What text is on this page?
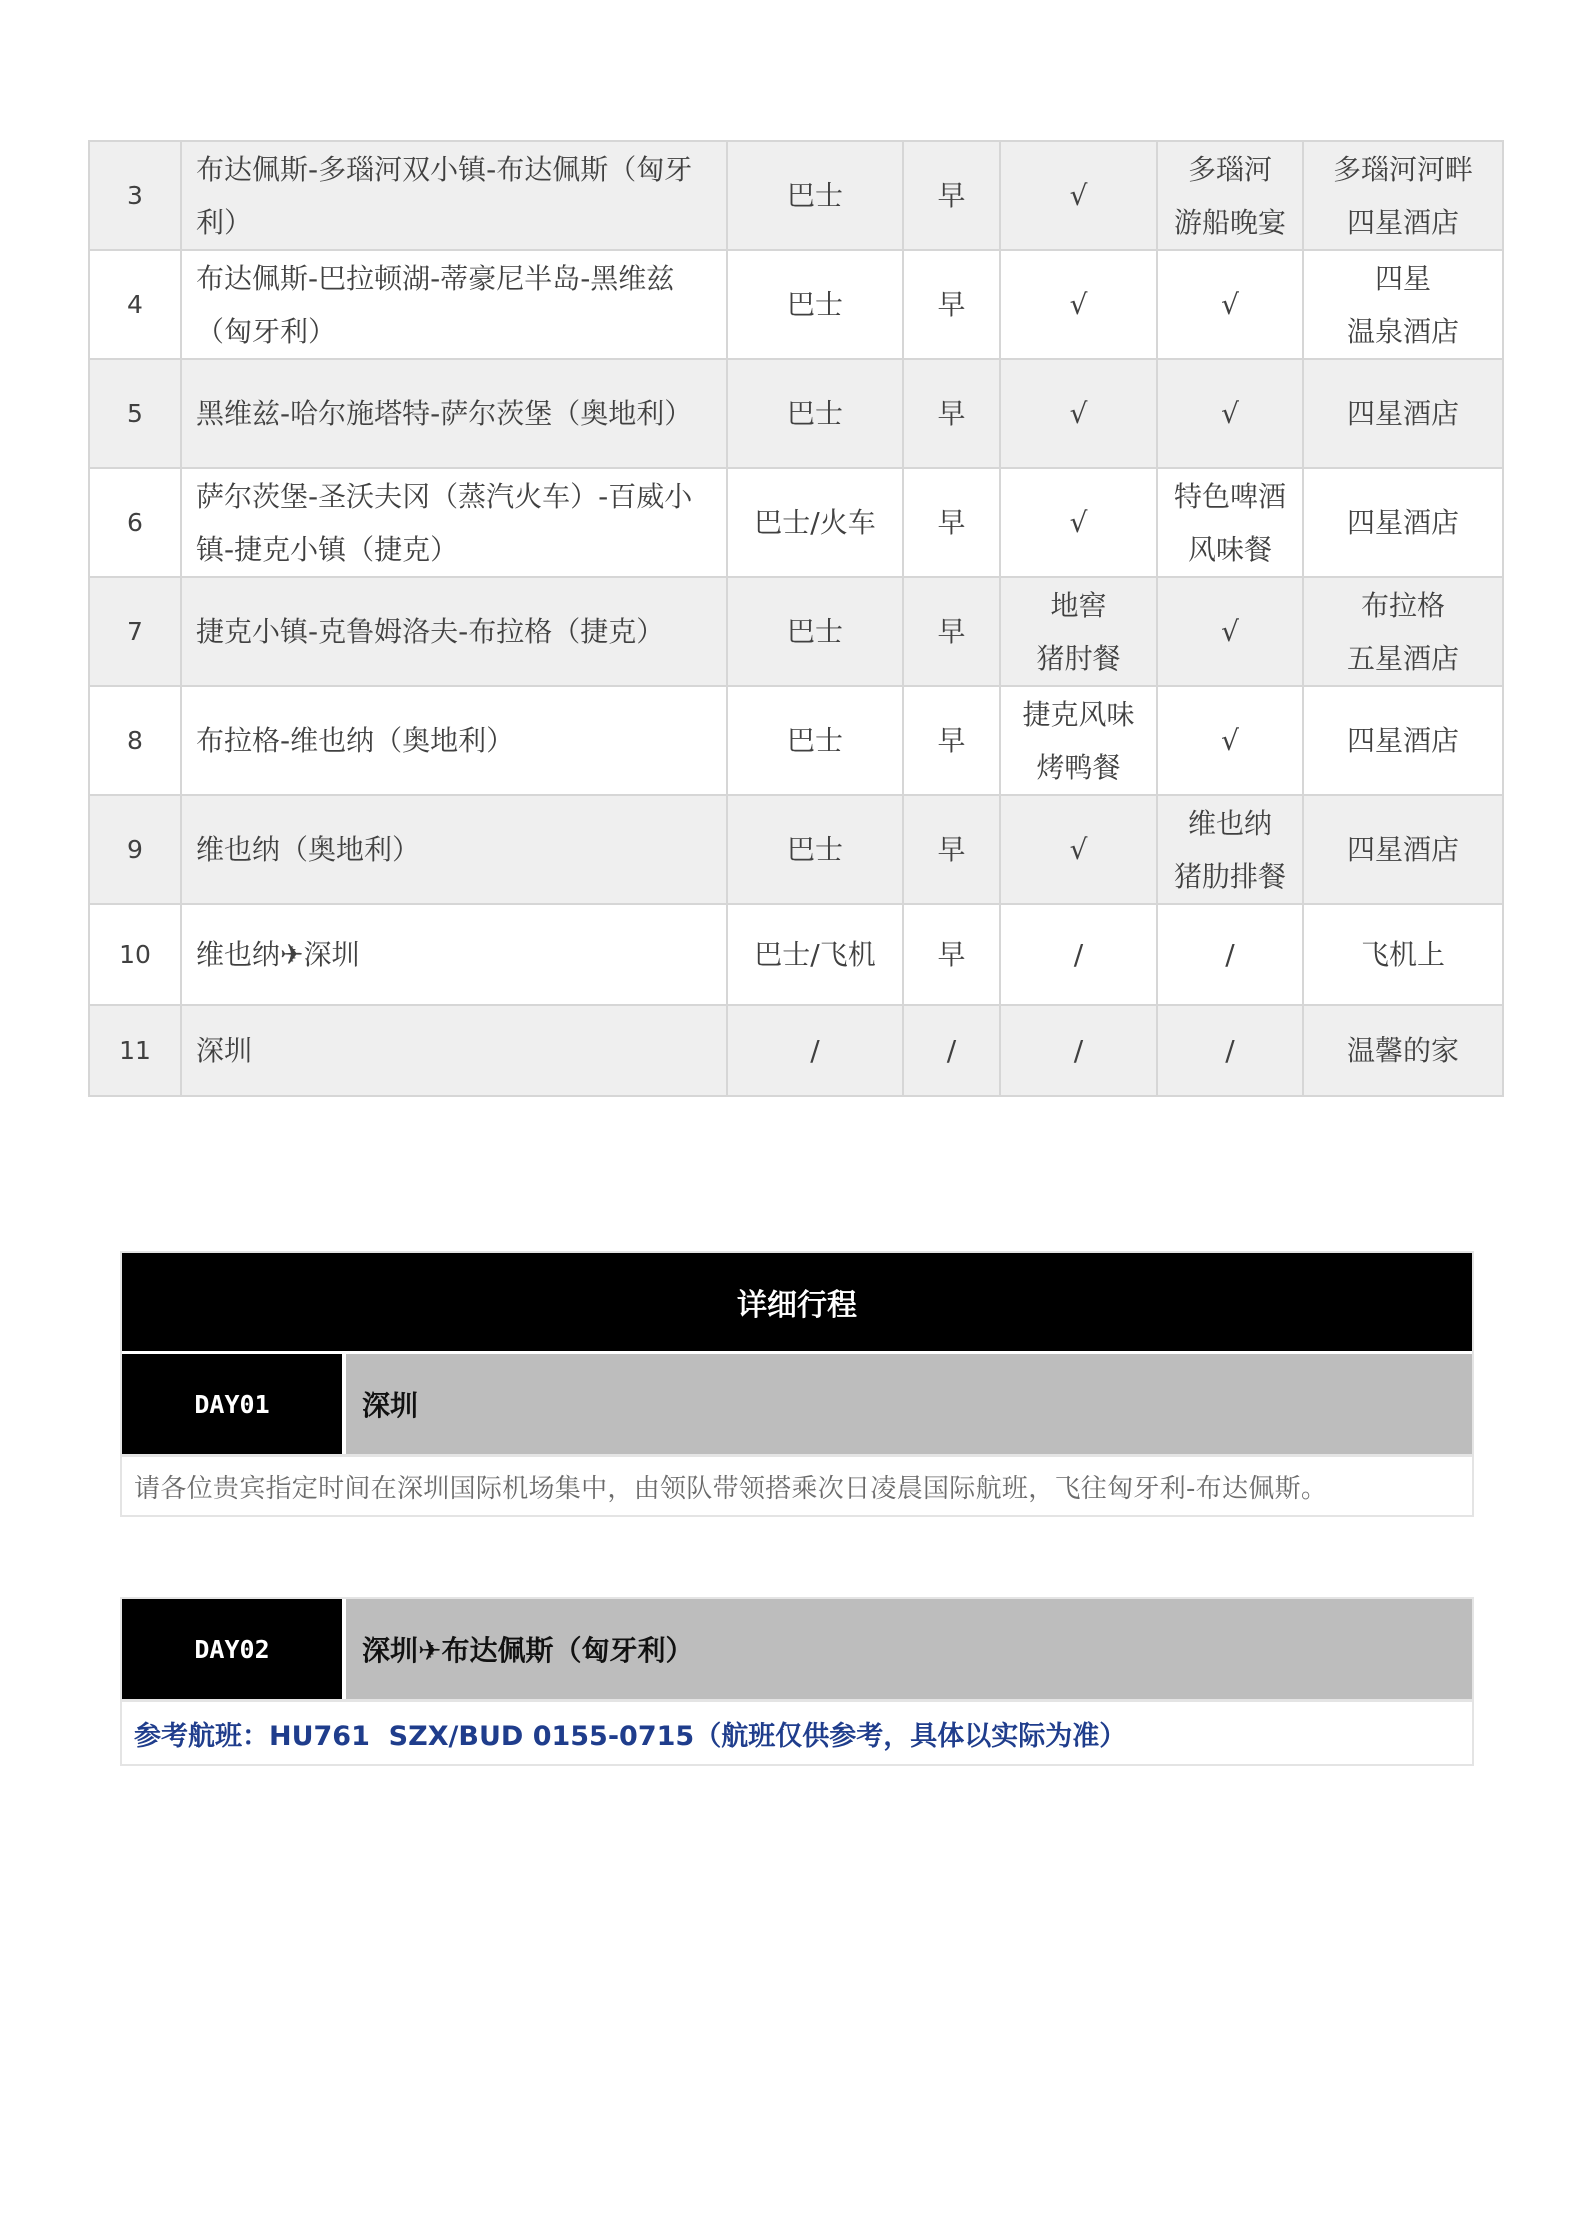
3	布达佩斯-多瑙河双小镇-布达佩斯（匈牙
利）	巴士	早	√	多瑙河
游船晚宴	多瑙河河畔
四星酒店
4	布达佩斯-巴拉顿湖-蒂豪尼半岛-黑维兹
（匈牙利）	巴士	早	√	√	四星
温泉酒店
5	黑维兹-哈尔施塔特-萨尔茨堡（奥地利）	巴士	早	√	√	四星酒店
6	萨尔茨堡-圣沃夫冈（蒸汽火车）-百威小
镇-捷克小镇（捷克）	巴士/火车	早	√	特色啤酒
风味餐	四星酒店
7	捷克小镇-克鲁姆洛夫-布拉格（捷克）	巴士	早	地窖
猪肘餐	√	布拉格
五星酒店
8	布拉格-维也纳（奥地利）	巴士	早	捷克风味
烤鸭餐	√	四星酒店
9	维也纳（奥地利）	巴士	早	√	维也纳
猪肋排餐	四星酒店
10	维也纳✈深圳	巴士/飞机	早	/	/	飞机上
11	深圳	/	/	/	/	温馨的家
详细行程
DAY01	深圳
请各位贵宾指定时间在深圳国际机场集中，由领队带领搭乘次日凌晨国际航班，飞往匈牙利-布达佩斯。
DAY02	深圳✈布达佩斯（匈牙利）
参考航班：HU761  SZX/BUD 0155-0715（航班仅供参考，具体以实际为准）
